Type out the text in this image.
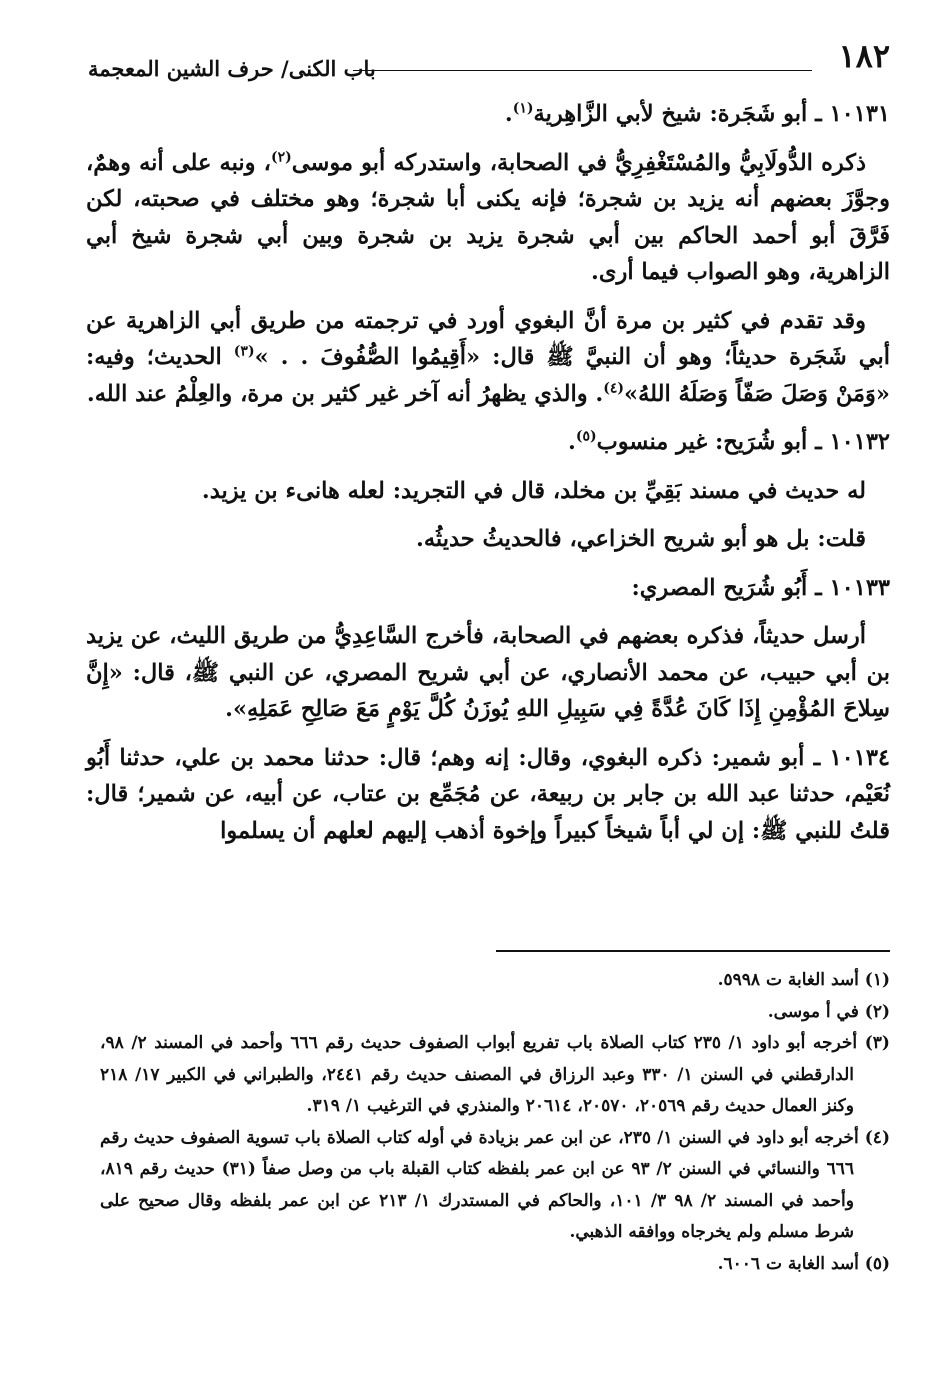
١٨٢
باب الكنى/ حرف الشين المعجمة

١٠١٣١ ـ أبو شَجَرة: شيخ لأبي الزَّاهِرية$^{(١)}$.

ذكره الدُّولَابِيُّ والمُسْتَغْفِرِيُّ في الصحابة، واستدركه أبو موسى$^{(٢)}$، ونبه على أنه وهمٌ، وجوَّزَ بعضهم أنه يزيد بن شجرة؛ فإنه يكنى أبا شجرة؛ وهو مختلف في صحبته، لكن فَرَّقَ أبو أحمد الحاكم بين أبي شجرة يزيد بن شجرة وبين أبي شجرة شيخ أبي الزاهرية، وهو الصواب فيما أرى.

وقد تقدم في كثير بن مرة أنَّ البغوي أورد في ترجمته من طريق أبي الزاهرية عن أبي شَجَرة حديثاً؛ وهو أن النبيَّ ﷺ قال: «أَقِيمُوا الصُّفُوفَ . . »$^{(٣)}$ الحديث؛ وفيه: «وَمَنْ وَصَلَ صَفّاً وَصَلَهُ اللهُ»$^{(٤)}$. والذي يظهرُ أنه آخر غير كثير بن مرة، والعِلْمُ عند الله.

١٠١٣٢ ـ أبو شُرَيح: غير منسوب$^{(٥)}$.

له حديث في مسند بَقِيِّ بن مخلد، قال في التجريد: لعله هانىء بن يزيد.

قلت: بل هو أبو شريح الخزاعي، فالحديثُ حديثُه.

١٠١٣٣ ـ أَبُو شُرَيح المصري:

أرسل حديثاً، فذكره بعضهم في الصحابة، فأخرج السَّاعِدِيُّ من طريق الليث، عن يزيد بن أبي حبيب، عن محمد الأنصاري، عن أبي شريح المصري، عن النبي ﷺ، قال: «إِنَّ سِلاحَ المُؤْمِنِ إِذَا كَانَ عُدَّةً فِي سَبِيلِ اللهِ يُوزَنُ كُلَّ يَوْمٍ مَعَ صَالِحِ عَمَلِهِ».

١٠١٣٤ ـ أبو شمير: ذكره البغوي، وقال: إنه وهم؛ قال: حدثنا محمد بن علي، حدثنا أَبُو نُعَيْم، حدثنا عبد الله بن جابر بن ربيعة، عن مُجَمِّع بن عتاب، عن أبيه، عن شمير؛ قال: قلتُ للنبي ﷺ: إن لي أباً شيخاً كبيراً وإخوة أذهب إليهم لعلهم أن يسلموا

(١) أسد الغابة ت ٥٩٩٨.

(٢) في أ موسى.

(٣) أخرجه أبو داود ١/ ٢٣٥ كتاب الصلاة باب تفريع أبواب الصفوف حديث رقم ٦٦٦ وأحمد في المسند ٢/ ٩٨، الدارقطني في السنن ١/ ٣٣٠ وعبد الرزاق في المصنف حديث رقم ٢٤٤١، والطبراني في الكبير ١٧/ ٢١٨ وكنز العمال حديث رقم ٢٠٥٦٩، ٢٠٥٧٠، ٢٠٦١٤ والمنذري في الترغيب ١/ ٣١٩.

(٤) أخرجه أبو داود في السنن ١/ ٢٣٥، عن ابن عمر بزيادة في أوله كتاب الصلاة باب تسوية الصفوف حديث رقم ٦٦٦ والنسائي في السنن ٢/ ٩٣ عن ابن عمر بلفظه كتاب القبلة باب من وصل صفاً (٣١) حديث رقم ٨١٩، وأحمد في المسند ٢/ ٩٨ ٣/ ١٠١، والحاكم في المستدرك ١/ ٢١٣ عن ابن عمر بلفظه وقال صحيح على شرط مسلم ولم يخرجاه ووافقه الذهبي.

(٥) أسد الغابة ت ٦٠٠٦.
